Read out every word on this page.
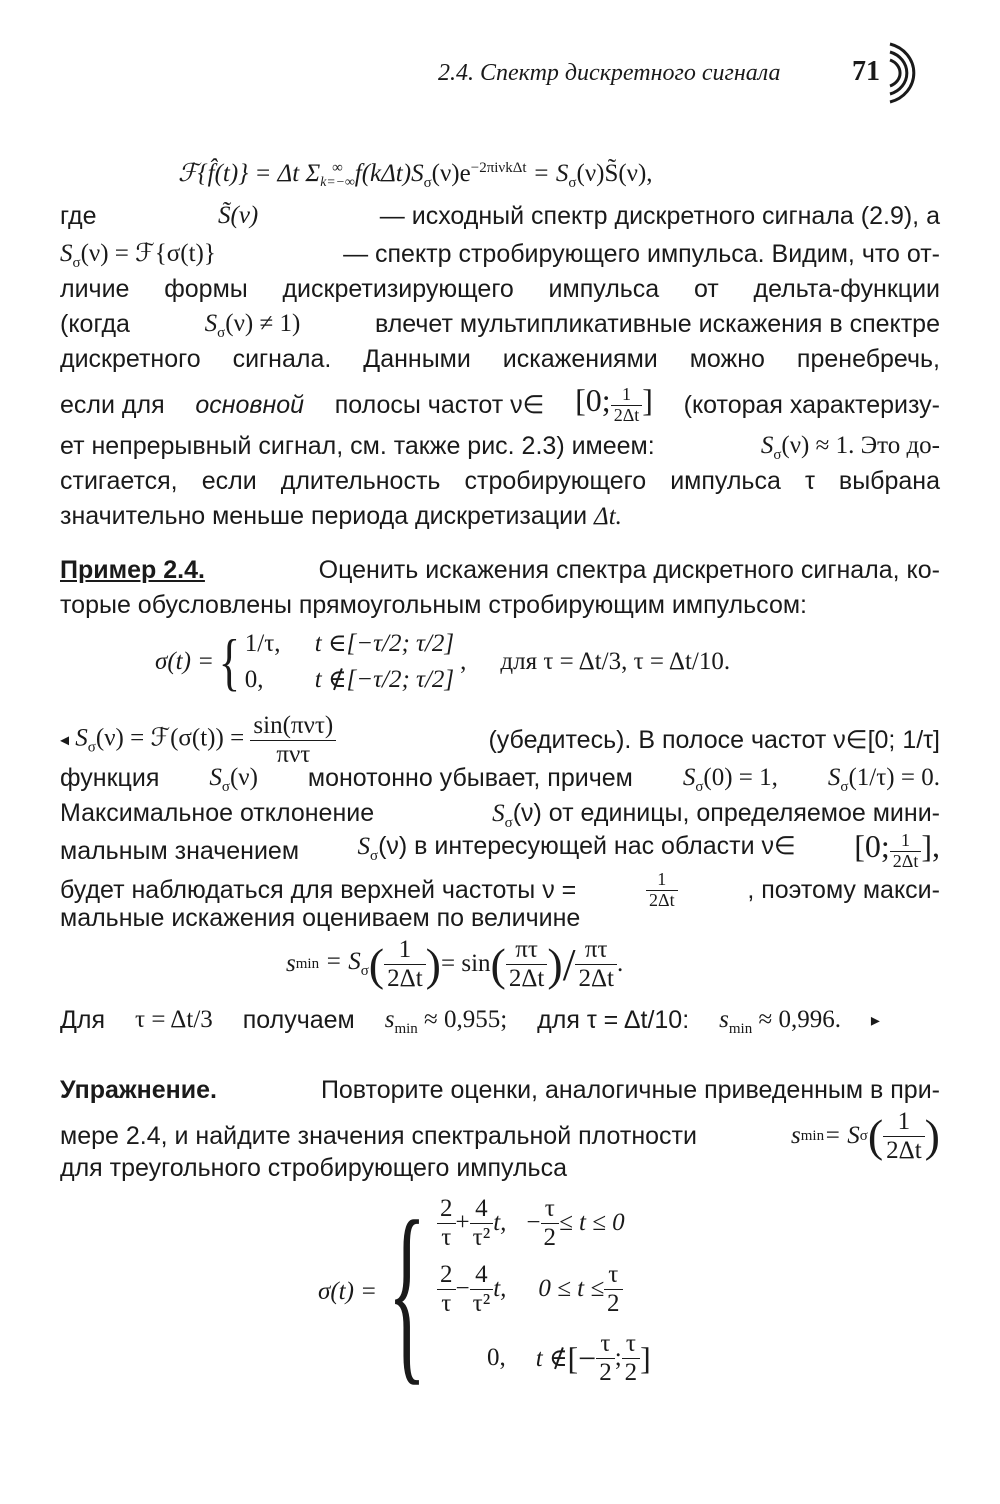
2.4. Спектр дискретного сигнала	71
ℱ{f̂(t)} = Δt Σ ∞
k=−∞ $f(k\Delta t)S_\sigma(\nu)e^{-2\pi i\nu k\Delta t}$ = $S_\sigma(\nu)S̃(\nu)$,
где	S̃(ν)	— исходный спектр дискретного сигнала (2.9), а
$S_\sigma(\nu)$ = ℱ{σ(t)}	— спектр стробирующего импульса. Видим, что от-
личие формы дискретизирующего импульса от дельта-функции
(когда	$S_\sigma(\nu) \ne 1$)	влечет мультипликативные искажения в спектре
дискретного сигнала. Данными искажениями можно пренебречь,
если для основной полосы частот ν∈ [0; $\frac{1}{2\Delta t}$ ] (которая характеризу-
ет непрерывный сигнал, см. также рис. 2.3) имеем:	$S_\sigma(\nu) \approx 1$. Это до-
стигается, если длительность стробирующего импульса τ выбрана
значительно меньше периода дискретизации Δt.
Пример 2.4.	Оценить искажения спектра дискретного сигнала, ко-
торые обусловлены прямоугольным стробирующим импульсом:
σ(t) = { 1/τ, t ∈[−τ/2; τ/2]
0, t ∉[−τ/2; τ/2]
, для τ = Δt/3, τ = Δt/10.
◂ $S_\sigma(\nu)$ = ℱ(σ(t)) = $\frac{\text{sin(πντ)}}{\text{πντ}}$	(убедитесь). В полосе частот ν∈[0; 1/τ]
функция $S_\sigma(\nu)$ монотонно убывает, причем $S_\sigma(0) = 1$, $S_\sigma(1/\tau) = 0$.
Максимальное отклонение	$S_\sigma(\nu)$ от единицы, определяемое мини-
мальным значением $S_\sigma(\nu)$ в интересующей нас области ν∈ [0; $\frac{1}{2\Delta t}$ ],
будет наблюдаться для верхней частоты ν =	$\frac{1}{2\Delta t}$	, поэтому макси-
мальные искажения оцениваем по величине
s $\min = S_\sigma$ ( $\frac{1}{2\Delta t}$ ) = sin ( $\frac{\pi\tau}{2\Delta t}$ ) / $\frac{\pi\tau}{2\Delta t}$ .
Для τ = Δt/3 получаем $s_{min} \approx 0,955$; для τ = Δt/10: $s_{min} \approx 0,996$. ▸
Упражнение.	Повторите оценки, аналогичные приведенным в при-
мере 2.4, и найдите значения спектральной плотности	s min = S σ ( $\frac{1}{2\Delta t}$ )
для треугольного стробирующего импульса
σ(t) = { $\frac{2}{\tau} + \frac{4}{\text{τ²}} t$, − $\frac{\tau}{2} \le t \le 0$
$\frac{2}{\tau} - \frac{4}{\text{τ²}} t$, $0 \le t \le \frac{\tau}{2}$
0, t ∉ [− $\frac{\tau}{2}$ ; $\frac{\tau}{2}$ ]
